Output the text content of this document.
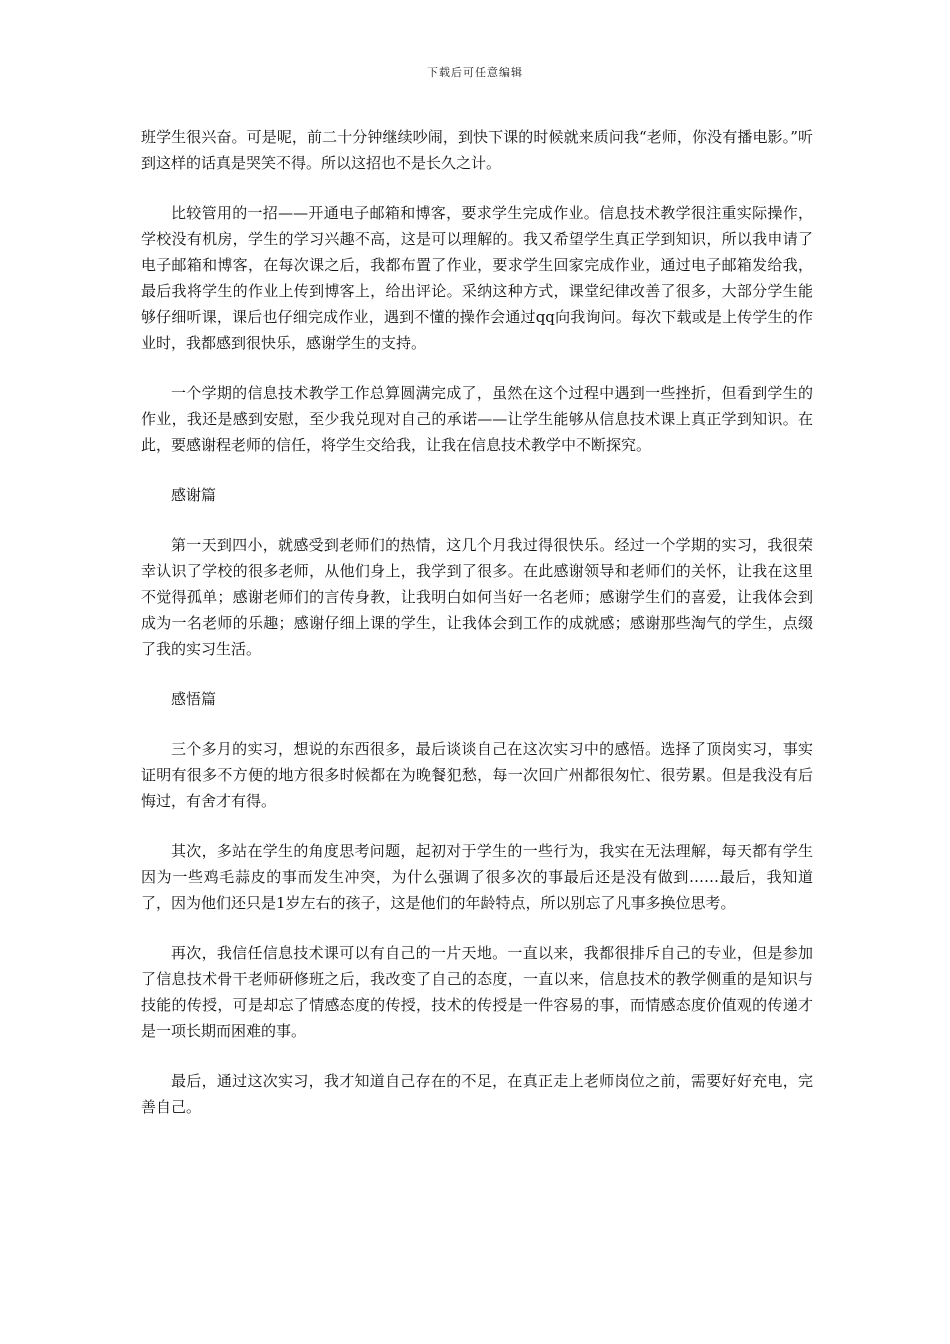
下载后可任意编辑

班学生很兴奋。可是呢，前二十分钟继续吵闹，到快下课的时候就来质问我“老师，你没有播电影。”听到这样的话真是哭笑不得。所以这招也不是长久之计。

比较管用的一招——开通电子邮箱和博客，要求学生完成作业。信息技术教学很注重实际操作，学校没有机房，学生的学习兴趣不高，这是可以理解的。我又希望学生真正学到知识，所以我申请了电子邮箱和博客，在每次课之后，我都布置了作业，要求学生回家完成作业，通过电子邮箱发给我，最后我将学生的作业上传到博客上，给出评论。采纳这种方式，课堂纪律改善了很多，大部分学生能够仔细听课，课后也仔细完成作业，遇到不懂的操作会通过qq向我询问。每次下载或是上传学生的作业时，我都感到很快乐，感谢学生的支持。

一个学期的信息技术教学工作总算圆满完成了，虽然在这个过程中遇到一些挫折，但看到学生的作业，我还是感到安慰，至少我兑现对自己的承诺——让学生能够从信息技术课上真正学到知识。在此，要感谢程老师的信任，将学生交给我，让我在信息技术教学中不断探究。

感谢篇

第一天到四小，就感受到老师们的热情，这几个月我过得很快乐。经过一个学期的实习，我很荣幸认识了学校的很多老师，从他们身上，我学到了很多。在此感谢领导和老师们的关怀，让我在这里不觉得孤单；感谢老师们的言传身教，让我明白如何当好一名老师；感谢学生们的喜爱，让我体会到成为一名老师的乐趣；感谢仔细上课的学生，让我体会到工作的成就感；感谢那些淘气的学生，点缀了我的实习生活。

感悟篇

三个多月的实习，想说的东西很多，最后谈谈自己在这次实习中的感悟。选择了顶岗实习，事实证明有很多不方便的地方很多时候都在为晚餐犯愁，每一次回广州都很匆忙、很劳累。但是我没有后悔过，有舍才有得。

其次，多站在学生的角度思考问题，起初对于学生的一些行为，我实在无法理解，每天都有学生因为一些鸡毛蒜皮的事而发生冲突，为什么强调了很多次的事最后还是没有做到……最后，我知道了，因为他们还只是1岁左右的孩子，这是他们的年龄特点，所以别忘了凡事多换位思考。

再次，我信任信息技术课可以有自己的一片天地。一直以来，我都很排斥自己的专业，但是参加了信息技术骨干老师研修班之后，我改变了自己的态度，一直以来，信息技术的教学侧重的是知识与技能的传授，可是却忘了情感态度的传授，技术的传授是一件容易的事，而情感态度价值观的传递才是一项长期而困难的事。

最后，通过这次实习，我才知道自己存在的不足，在真正走上老师岗位之前，需要好好充电，完善自己。
